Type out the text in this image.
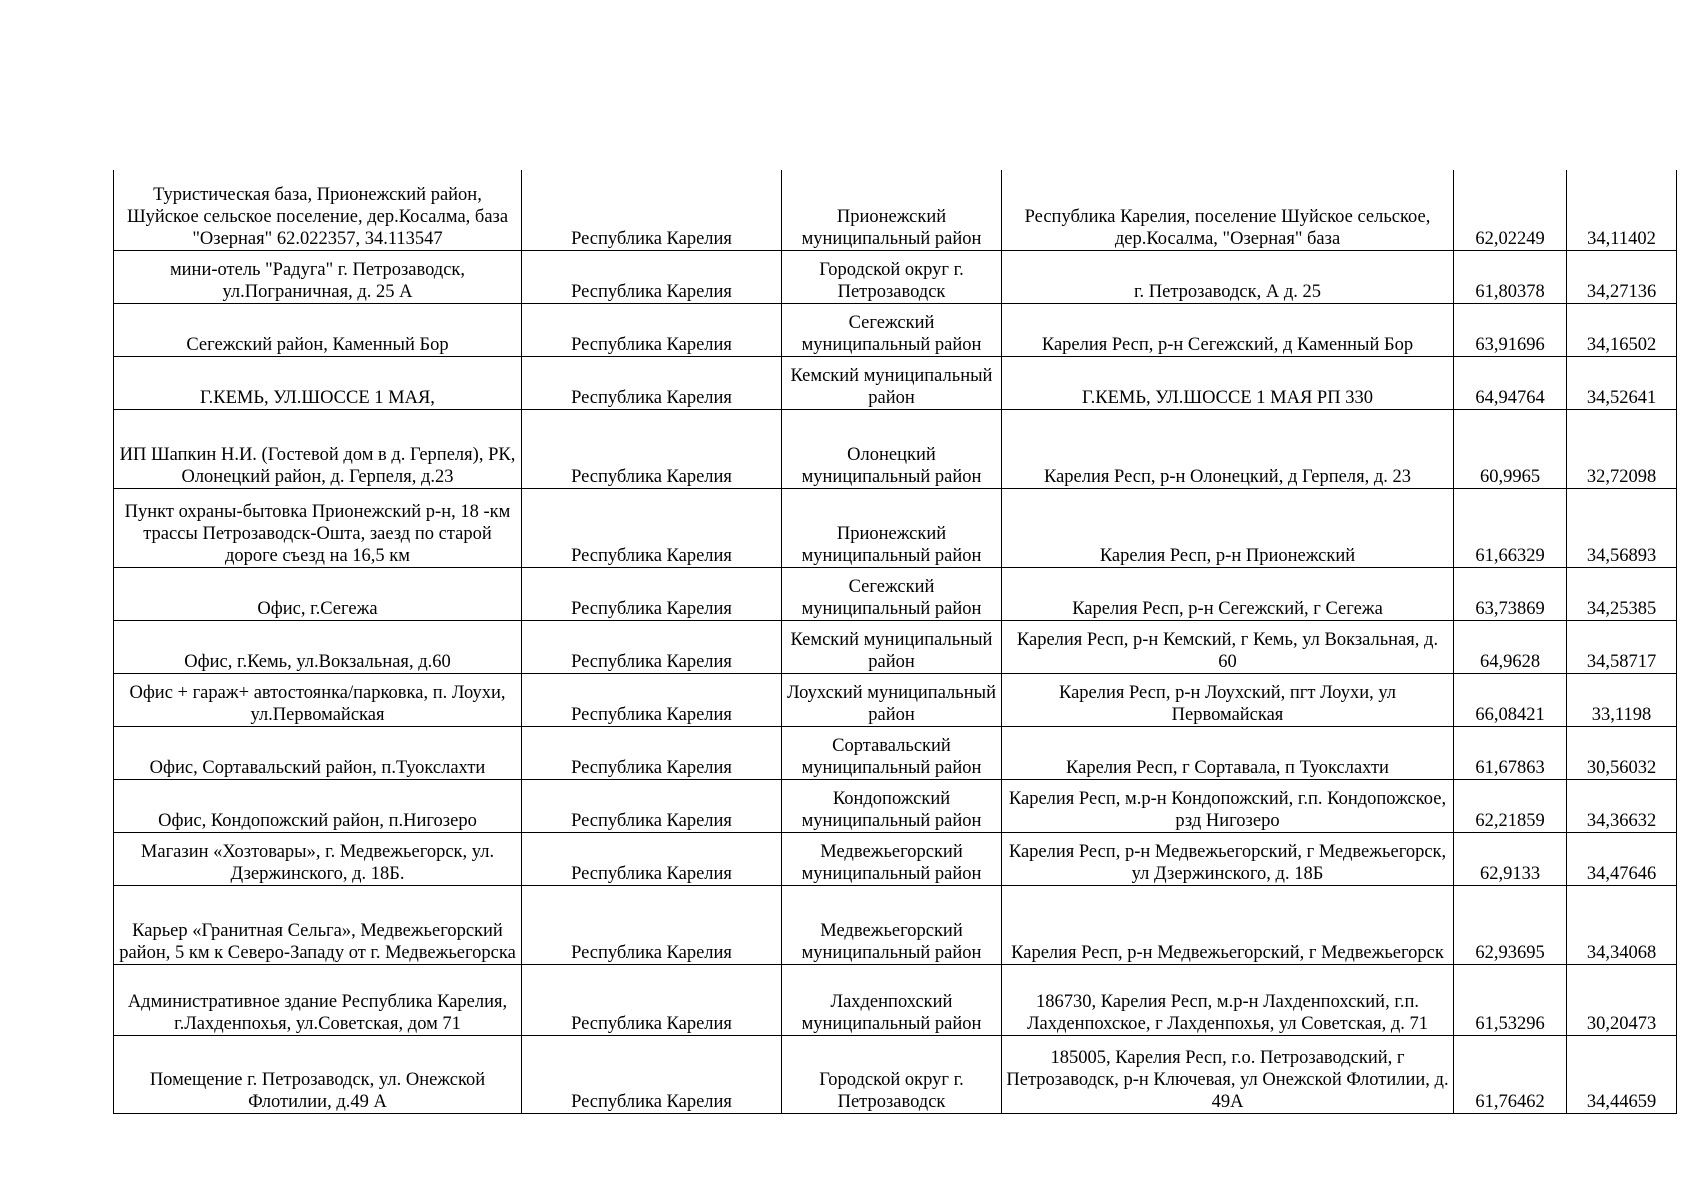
Туристическая база, Прионежский район, Шуйское сельское поселение, дер.Косалма, база "Озерная" 62.022357, 34.113547	Республика Карелия	Прионежский муниципальный район	Республика Карелия, поселение Шуйское сельское, дер.Косалма, "Озерная" база	62,02249	34,11402
мини-отель "Радуга" г. Петрозаводск, ул.Пограничная, д. 25 А	Республика Карелия	Городской округ г. Петрозаводск	г. Петрозаводск, А д. 25	61,80378	34,27136
Сегежский район, Каменный Бор	Республика Карелия	Сегежский муниципальный район	Карелия Респ, р-н Сегежский, д Каменный Бор	63,91696	34,16502
Г.КЕМЬ, УЛ.ШОССЕ 1 МАЯ,	Республика Карелия	Кемский муниципальный район	Г.КЕМЬ, УЛ.ШОССЕ 1 МАЯ РП 330	64,94764	34,52641
ИП Шапкин Н.И. (Гостевой дом в д. Герпеля), РК, Олонецкий район, д. Герпеля, д.23	Республика Карелия	Олонецкий муниципальный район	Карелия Респ, р-н Олонецкий, д Герпеля, д. 23	60,9965	32,72098
Пункт охраны-бытовка Прионежский р-н, 18 -км трассы Петрозаводск-Ошта, заезд по старой дороге съезд на 16,5 км	Республика Карелия	Прионежский муниципальный район	Карелия Респ, р-н Прионежский	61,66329	34,56893
Офис, г.Сегежа	Республика Карелия	Сегежский муниципальный район	Карелия Респ, р-н Сегежский, г Сегежа	63,73869	34,25385
Офис, г.Кемь, ул.Вокзальная, д.60	Республика Карелия	Кемский муниципальный район	Карелия Респ, р-н Кемский, г Кемь, ул Вокзальная, д. 60	64,9628	34,58717
Офис + гараж+ автостоянка/парковка, п. Лоухи, ул.Первомайская	Республика Карелия	Лоухский муниципальный район	Карелия Респ, р-н Лоухский, пгт Лоухи, ул Первомайская	66,08421	33,1198
Офис, Сортавальский район, п.Туокслахти	Республика Карелия	Сортавальский муниципальный район	Карелия Респ, г Сортавала, п Туокслахти	61,67863	30,56032
Офис, Кондопожский район, п.Нигозеро	Республика Карелия	Кондопожский муниципальный район	Карелия Респ, м.р-н Кондопожский, г.п. Кондопожское, рзд Нигозеро	62,21859	34,36632
Магазин «Хозтовары», г. Медвежьегорск, ул. Дзержинского, д. 18Б.	Республика Карелия	Медвежьегорский муниципальный район	Карелия Респ, р-н Медвежьегорский, г Медвежьегорск, ул Дзержинского, д. 18Б	62,9133	34,47646
Карьер «Гранитная Сельга», Медвежьегорский район, 5 км к Северо-Западу от г. Медвежьегорска	Республика Карелия	Медвежьегорский муниципальный район	Карелия Респ, р-н Медвежьегорский, г Медвежьегорск	62,93695	34,34068
Административное здание Республика Карелия, г.Лахденпохья, ул.Советская, дом 71	Республика Карелия	Лахденпохский муниципальный район	186730, Карелия Респ, м.р-н Лахденпохский, г.п. Лахденпохское, г Лахденпохья, ул Советская, д. 71	61,53296	30,20473
Помещение г. Петрозаводск, ул. Онежской Флотилии, д.49 А	Республика Карелия	Городской округ г. Петрозаводск	185005, Карелия Респ, г.о. Петрозаводский, г Петрозаводск, р-н Ключевая, ул Онежской Флотилии, д. 49А	61,76462	34,44659
